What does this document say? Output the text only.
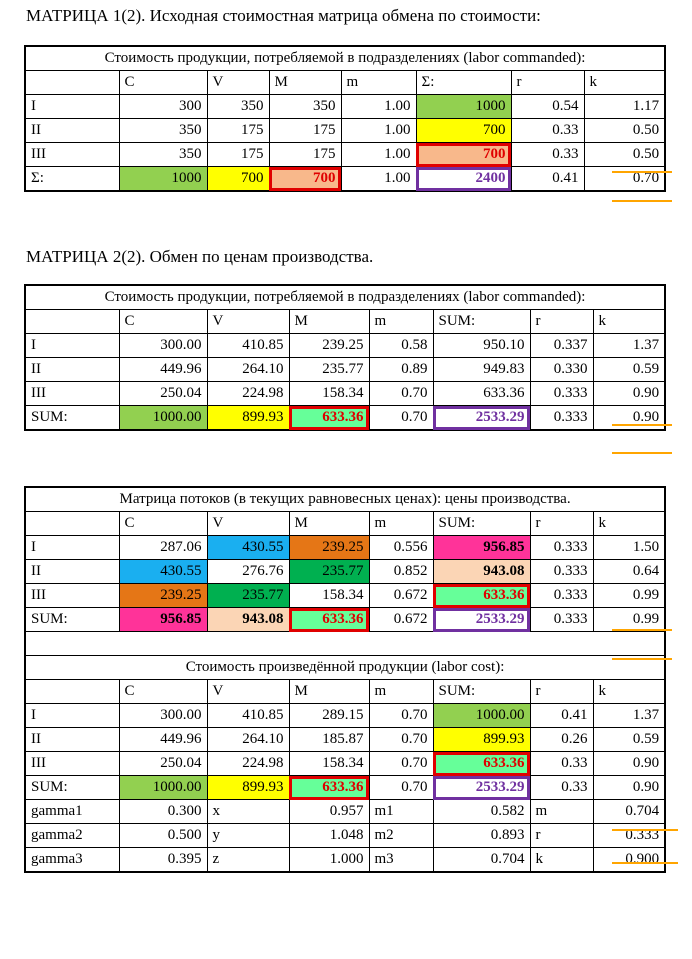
МАТРИЦА 1(2). Исходная стоимостная матрица обмена по стоимости:
Стоимость продукции, потребляемой в подразделениях (labor commanded):							
	C	V	M	m	Σ:	r	k
I	300	350	350	1.00	1000	0.54	1.17
II	350	175	175	1.00	700	0.33	0.50
III	350	175	175	1.00	700	0.33	0.50
Σ:	1000	700	700	1.00	2400	0.41	0.70
МАТРИЦА 2(2). Обмен по ценам производства.
Стоимость продукции, потребляемой в подразделениях (labor commanded):							
	C	V	M	m	SUM:	r	k
I	300.00	410.85	239.25	0.58	950.10	0.337	1.37
II	449.96	264.10	235.77	0.89	949.83	0.330	0.59
III	250.04	224.98	158.34	0.70	633.36	0.333	0.90
SUM:	1000.00	899.93	633.36	0.70	2533.29	0.333	0.90
Матрица потоков (в текущих равновесных ценах): цены производства.							
	C	V	M	m	SUM:	r	k
I	287.06	430.55	239.25	0.556	956.85	0.333	1.50
II	430.55	276.76	235.77	0.852	943.08	0.333	0.64
III	239.25	235.77	158.34	0.672	633.36	0.333	0.99
SUM:	956.85	943.08	633.36	0.672	2533.29	0.333	0.99

Стоимость произведённой продукции (labor cost):							
	C	V	M	m	SUM:	r	k
I	300.00	410.85	289.15	0.70	1000.00	0.41	1.37
II	449.96	264.10	185.87	0.70	899.93	0.26	0.59
III	250.04	224.98	158.34	0.70	633.36	0.33	0.90
SUM:	1000.00	899.93	633.36	0.70	2533.29	0.33	0.90
gamma1	0.300	x	0.957	m1	0.582	m	0.704
gamma2	0.500	y	1.048	m2	0.893	r	0.333
gamma3	0.395	z	1.000	m3	0.704	k	0.900
